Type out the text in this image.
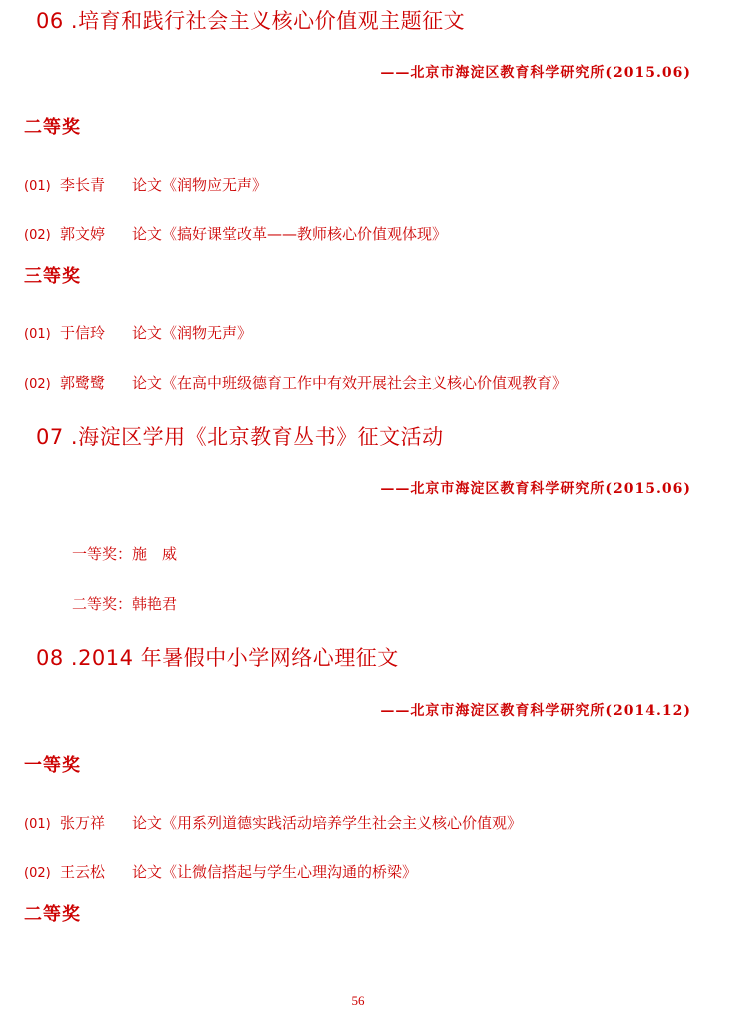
06 .培育和践行社会主义核心价值观主题征文
——北京市海淀区教育科学研究所(2015.06)
二等奖
(01) 李长青 论文《润物应无声》
(02) 郭文婷 论文《搞好课堂改革——教师核心价值观体现》
三等奖
(01) 于信玲 论文《润物无声》
(02) 郭鹭鹭 论文《在高中班级德育工作中有效开展社会主义核心价值观教育》
07 .海淀区学用《北京教育丛书》征文活动
——北京市海淀区教育科学研究所(2015.06)
一等奖：施　威
二等奖：韩艳君
08 .2014 年暑假中小学网络心理征文
——北京市海淀区教育科学研究所(2014.12)
一等奖
(01) 张万祥 论文《用系列道德实践活动培养学生社会主义核心价值观》
(02) 王云松 论文《让微信搭起与学生心理沟通的桥梁》
二等奖
56
